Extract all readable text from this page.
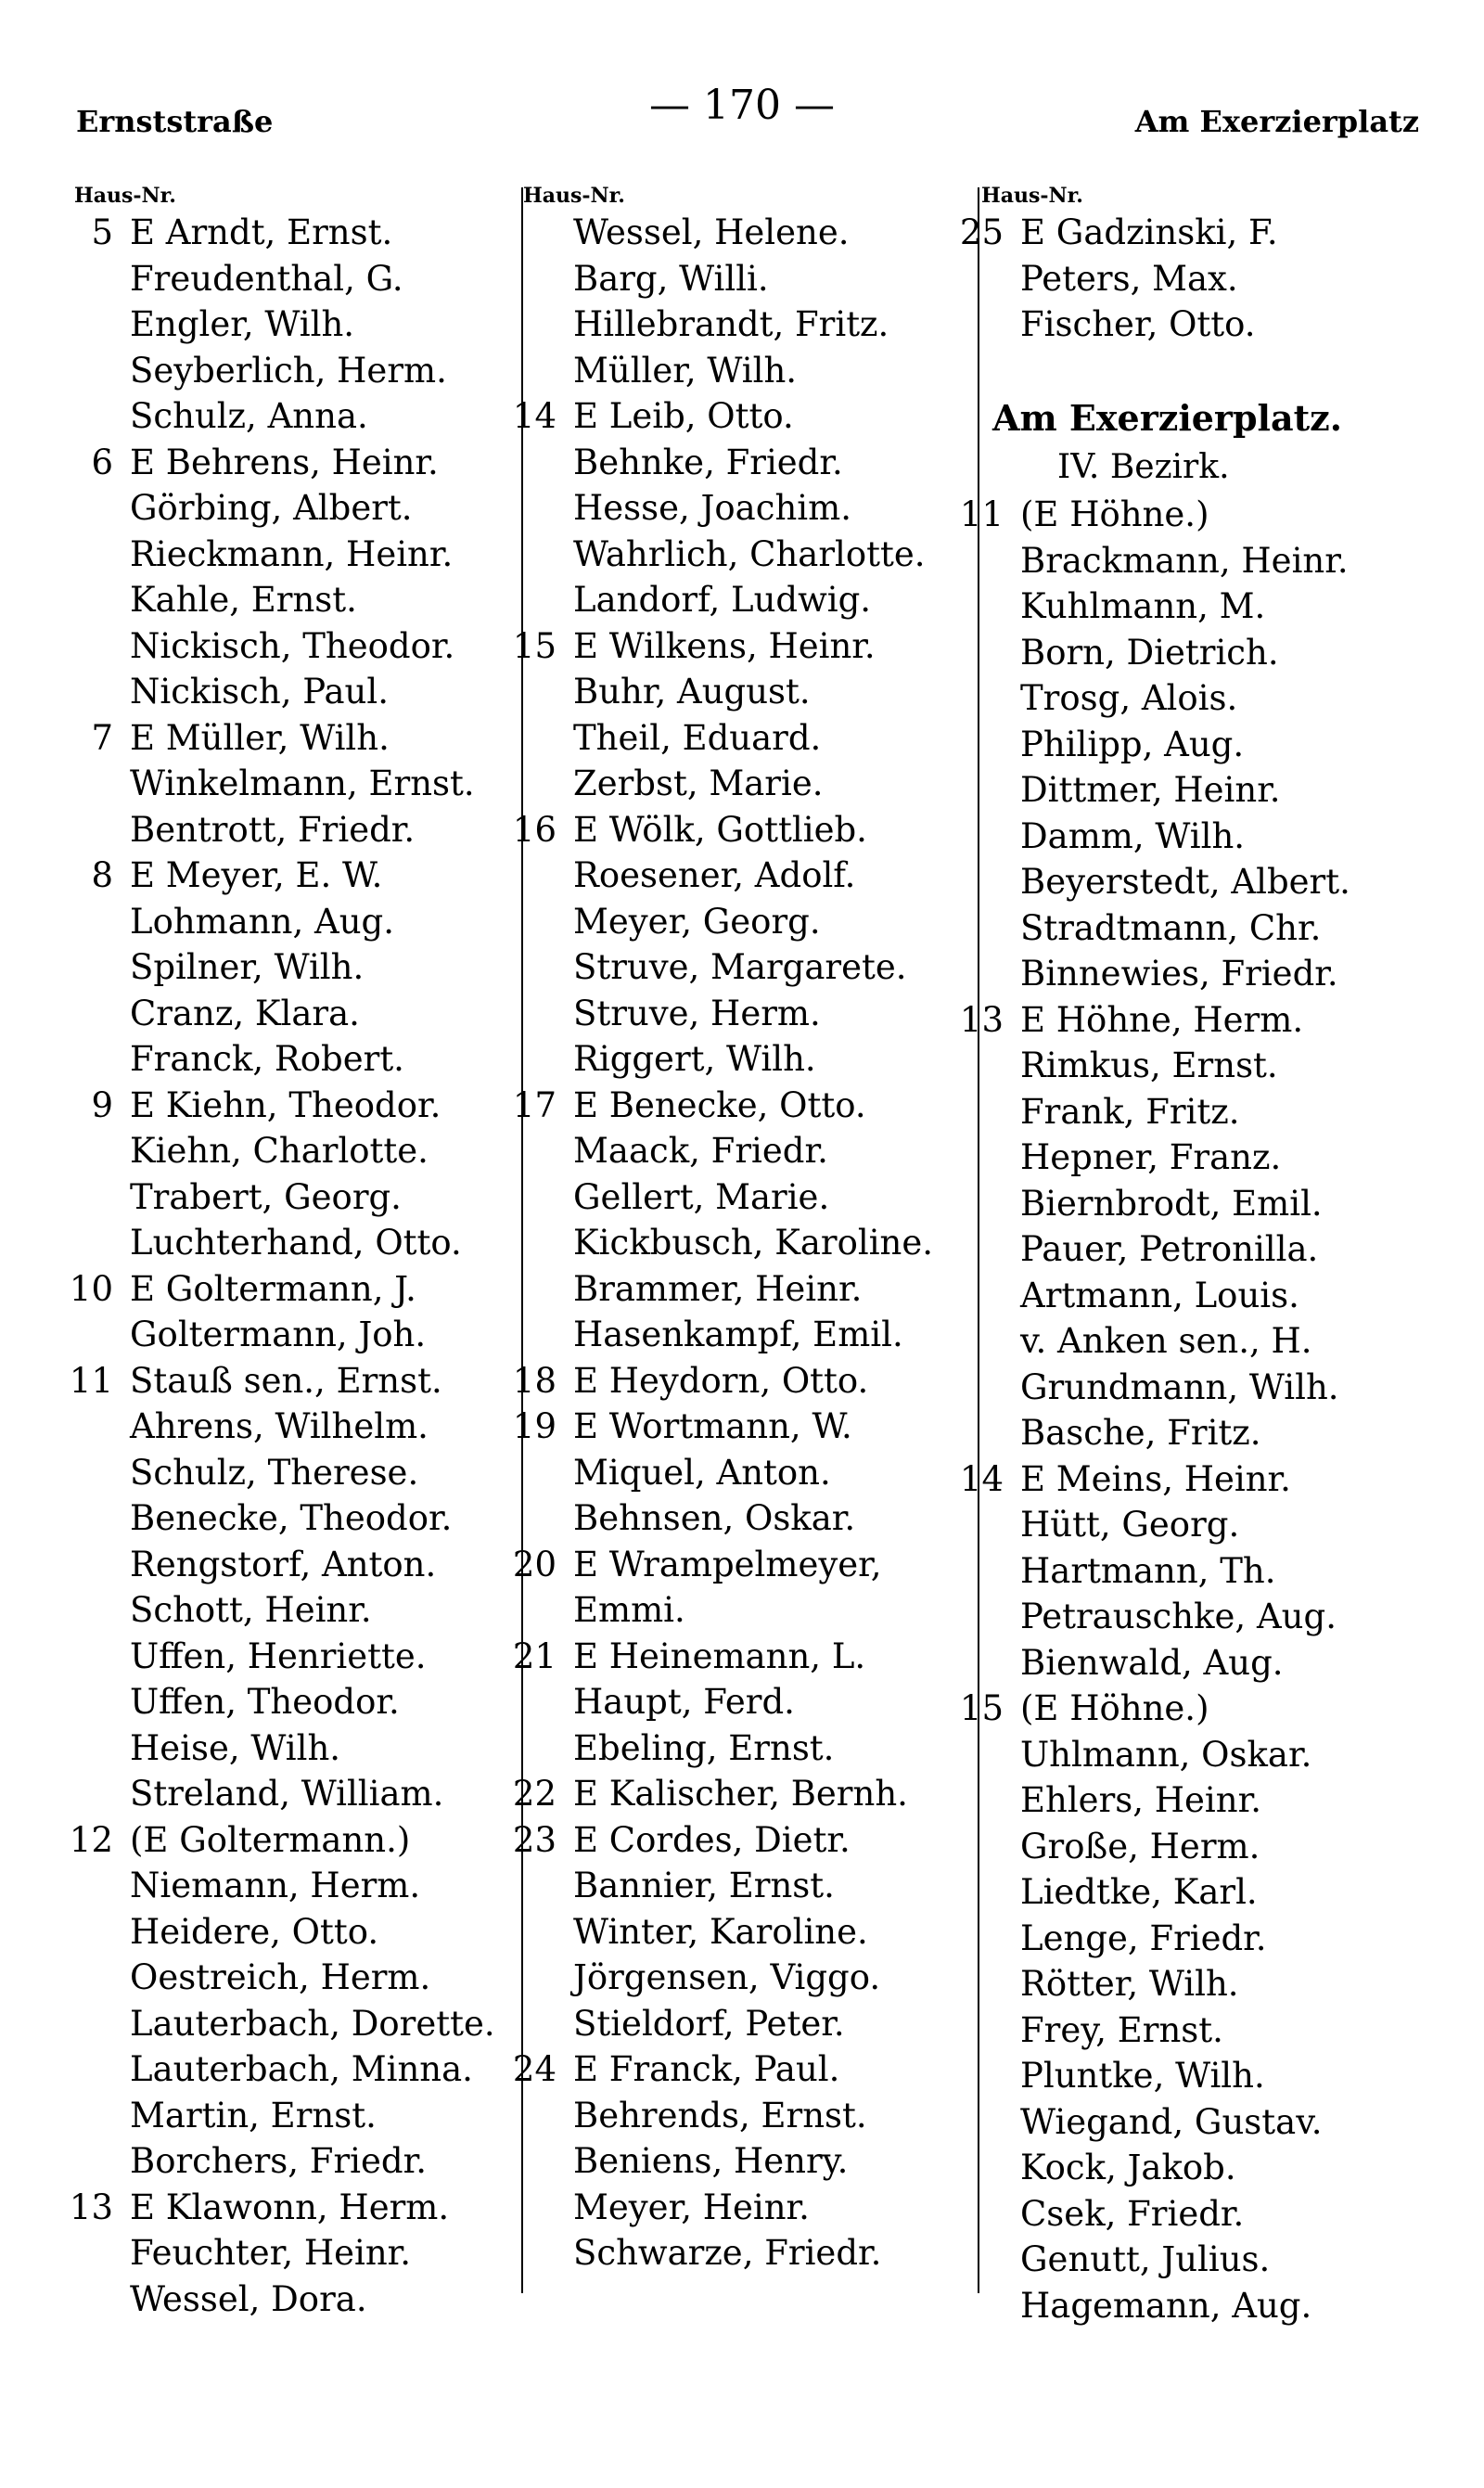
Ernststraße	— 170 —	Am Exerzierplatz
Haus-Nr.	Haus-Nr.	Haus-Nr.
5 E Arndt, Ernst.
Freudenthal, G.
Engler, Wilh.
Seyberlich, Herm.
Schulz, Anna.
6 E Behrens, Heinr.
Görbing, Albert.
Rieckmann, Heinr.
Kahle, Ernst.
Nickisch, Theodor.
Nickisch, Paul.
7 E Müller, Wilh.
Winkelmann, Ernst.
Bentrott, Friedr.
8 E Meyer, E. W.
Lohmann, Aug.
Spilner, Wilh.
Cranz, Klara.
Franck, Robert.
9 E Kiehn, Theodor.
Kiehn, Charlotte.
Trabert, Georg.
Luchterhand, Otto.
10 E Goltermann, J.
Goltermann, Joh.
11 Stauß sen., Ernst.
Ahrens, Wilhelm.
Schulz, Therese.
Benecke, Theodor.
Rengstorf, Anton.
Schott, Heinr.
Uffen, Henriette.
Uffen, Theodor.
Heise, Wilh.
Streland, William.
12 (E Goltermann.)
Niemann, Herm.
Heidere, Otto.
Oestreich, Herm.
Lauterbach, Dorette.
Lauterbach, Minna.
Martin, Ernst.
Borchers, Friedr.
13 E Klawonn, Herm.
Feuchter, Heinr.
Wessel, Dora.
Wessel, Helene.
Barg, Willi.
Hillebrandt, Fritz.
Müller, Wilh.
14 E Leib, Otto.
Behnke, Friedr.
Hesse, Joachim.
Wahrlich, Charlotte.
Landorf, Ludwig.
15 E Wilkens, Heinr.
Buhr, August.
Theil, Eduard.
Zerbst, Marie.
16 E Wölk, Gottlieb.
Roesener, Adolf.
Meyer, Georg.
Struve, Margarete.
Struve, Herm.
Riggert, Wilh.
17 E Benecke, Otto.
Maack, Friedr.
Gellert, Marie.
Kickbusch, Karoline.
Brammer, Heinr.
Hasenkampf, Emil.
18 E Heydorn, Otto.
19 E Wortmann, W.
Miquel, Anton.
Behnsen, Oskar.
20 E Wrampelmeyer,
Emmi.
21 E Heinemann, L.
Haupt, Ferd.
Ebeling, Ernst.
22 E Kalischer, Bernh.
23 E Cordes, Dietr.
Bannier, Ernst.
Winter, Karoline.
Jörgensen, Viggo.
Stieldorf, Peter.
24 E Franck, Paul.
Behrends, Ernst.
Beniens, Henry.
Meyer, Heinr.
Schwarze, Friedr.
25 E Gadzinski, F.
Peters, Max.
Fischer, Otto.
Am Exerzierplatz.
IV. Bezirk.
11 (E Höhne.)
Brackmann, Heinr.
Kuhlmann, M.
Born, Dietrich.
Trosg, Alois.
Philipp, Aug.
Dittmer, Heinr.
Damm, Wilh.
Beyerstedt, Albert.
Stradtmann, Chr.
Binnewies, Friedr.
13 E Höhne, Herm.
Rimkus, Ernst.
Frank, Fritz.
Hepner, Franz.
Biernbrodt, Emil.
Pauer, Petronilla.
Artmann, Louis.
v. Anken sen., H.
Grundmann, Wilh.
Basche, Fritz.
14 E Meins, Heinr.
Hütt, Georg.
Hartmann, Th.
Petrauschke, Aug.
Bienwald, Aug.
15 (E Höhne.)
Uhlmann, Oskar.
Ehlers, Heinr.
Große, Herm.
Liedtke, Karl.
Lenge, Friedr.
Rötter, Wilh.
Frey, Ernst.
Pluntke, Wilh.
Wiegand, Gustav.
Kock, Jakob.
Csek, Friedr.
Genutt, Julius.
Hagemann, Aug.
